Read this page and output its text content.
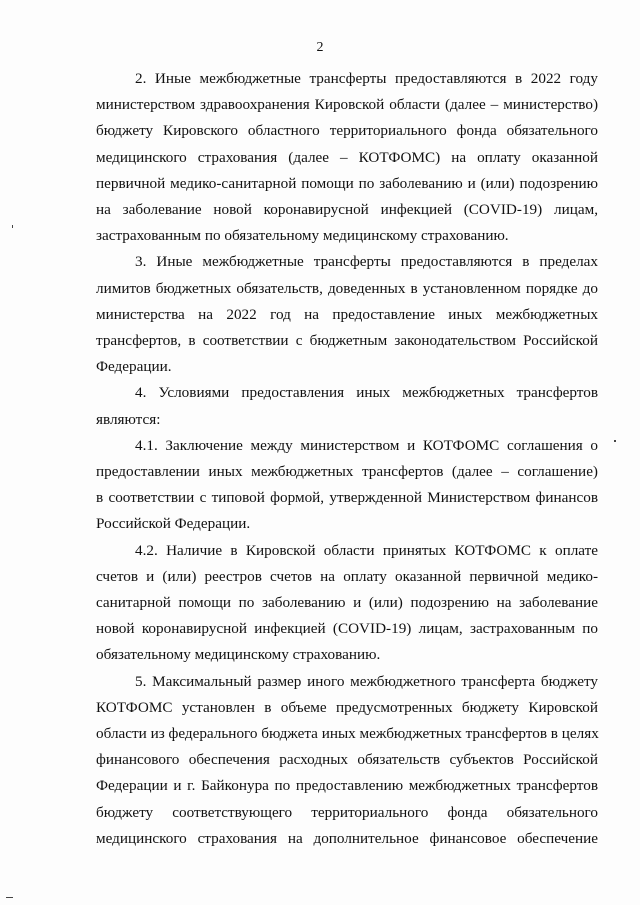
2
2. Иные межбюджетные трансферты предоставляются в 2022 году
министерством здравоохранения Кировской области (далее – министерство)
бюджету Кировского областного территориального фонда обязательного
медицинского страхования (далее – КОТФОМС) на оплату оказанной
первичной медико-санитарной помощи по заболеванию и (или) подозрению
на заболевание новой коронавирусной инфекцией (COVID-19) лицам,
застрахованным по обязательному медицинскому страхованию.
3. Иные межбюджетные трансферты предоставляются в пределах
лимитов бюджетных обязательств, доведенных в установленном порядке до
министерства на 2022 год на предоставление иных межбюджетных
трансфертов, в соответствии с бюджетным законодательством Российской
Федерации.
4. Условиями предоставления иных межбюджетных трансфертов
являются:
4.1. Заключение между министерством и КОТФОМС соглашения о
предоставлении иных межбюджетных трансфертов (далее – соглашение)
в соответствии с типовой формой, утвержденной Министерством финансов
Российской Федерации.
4.2. Наличие в Кировской области принятых КОТФОМС к оплате
счетов и (или) реестров счетов на оплату оказанной первичной медико-
санитарной помощи по заболеванию и (или) подозрению на заболевание
новой коронавирусной инфекцией (COVID-19) лицам, застрахованным по
обязательному медицинскому страхованию.
5. Максимальный размер иного межбюджетного трансферта бюджету
КОТФОМС установлен в объеме предусмотренных бюджету Кировской
области из федерального бюджета иных межбюджетных трансфертов в целях
финансового обеспечения расходных обязательств субъектов Российской
Федерации и г. Байконура по предоставлению межбюджетных трансфертов
бюджету соответствующего территориального фонда обязательного
медицинского страхования на дополнительное финансовое обеспечение
